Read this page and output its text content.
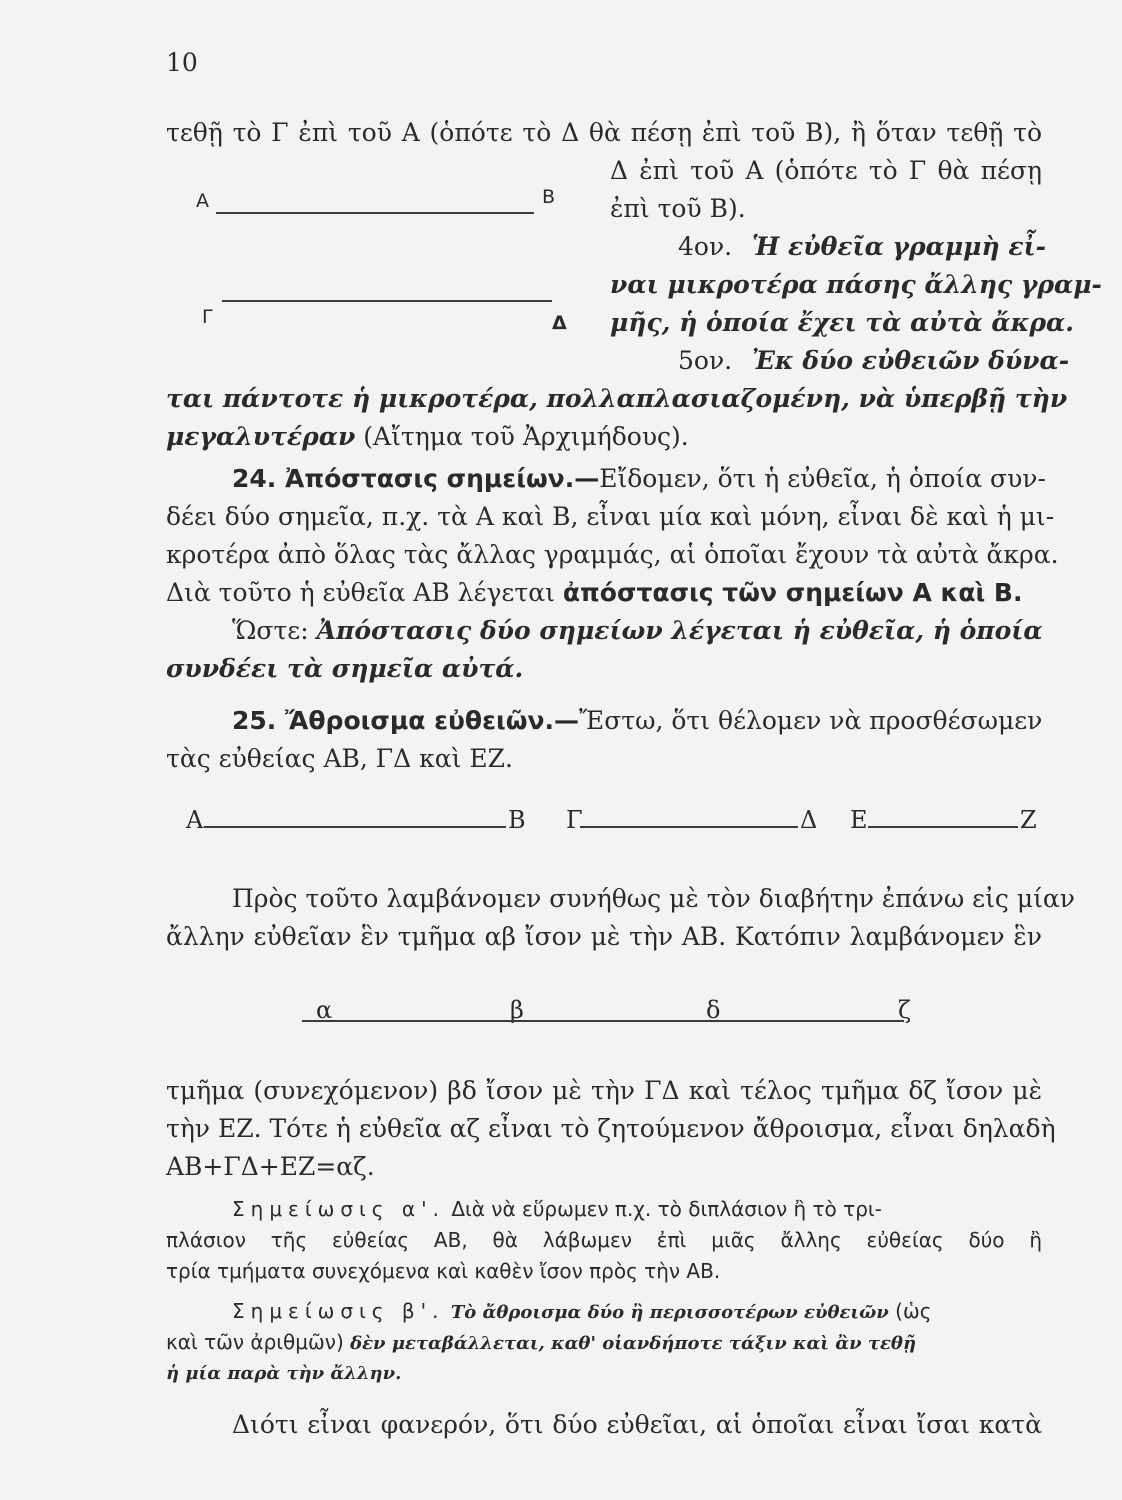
10
τεθῇ τὸ Γ ἐπὶ τοῦ Α (ὁπότε τὸ Δ θὰ πέσῃ ἐπὶ τοῦ Β), ἢ ὅταν τεθῇ τὸ
Δ ἐπὶ τοῦ Α (ὁπότε τὸ Γ θὰ πέσῃ
ἐπὶ τοῦ Β).
A	B
Γ	Δ
4ον. Ἡ εὐθεῖα γραμμὴ εἶ-
ναι μικροτέρα πάσης ἄλλης γραμ-
μῆς, ἡ ὁποία ἔχει τὰ αὐτὰ ἄκρα.
5ον. Ἐκ δύο εὐθειῶν δύνα-
ται πάντοτε ἡ μικροτέρα, πολλαπλασιαζομένη, νὰ ὑπερβῇ τὴν
μεγαλυτέραν (Αἴτημα τοῦ Ἀρχιμήδους).
24. Ἀπόστασις σημείων.—Εἴδομεν, ὅτι ἡ εὐθεῖα, ἡ ὁποία συν-
δέει δύο σημεῖα, π.χ. τὰ Α καὶ Β, εἶναι μία καὶ μόνη, εἶναι δὲ καὶ ἡ μι-
κροτέρα ἀπὸ ὅλας τὰς ἄλλας γραμμάς, αἱ ὁποῖαι ἔχουν τὰ αὐτὰ ἄκρα.
Διὰ τοῦτο ἡ εὐθεῖα ΑΒ λέγεται ἀπόστασις τῶν σημείων Α καὶ Β.
Ὥστε: Ἀπόστασις δύο σημείων λέγεται ἡ εὐθεῖα, ἡ ὁποία
συνδέει τὰ σημεῖα αὐτά.
25. Ἄθροισμα εὐθειῶν.—Ἔστω, ὅτι θέλομεν νὰ προσθέσωμεν
τὰς εὐθείας ΑΒ, ΓΔ καὶ ΕΖ.
A	B Γ	Δ E	Z
Πρὸς τοῦτο λαμβάνομεν συνήθως μὲ τὸν διαβήτην ἐπάνω εἰς μίαν
ἄλλην εὐθεῖαν ἓν τμῆμα αβ ἴσον μὲ τὴν ΑΒ. Κατόπιν λαμβάνομεν ἓν
α	β	δ	ζ
τμῆμα (συνεχόμενον) βδ ἴσον μὲ τὴν ΓΔ καὶ τέλος τμῆμα δζ ἴσον μὲ
τὴν ΕΖ. Τότε ἡ εὐθεῖα αζ εἶναι τὸ ζητούμενον ἄθροισμα, εἶναι δηλαδὴ
ΑΒ+ΓΔ+ΕΖ=αζ.
Σημείωσις α'. Διὰ νὰ εὕρωμεν π.χ. τὸ διπλάσιον ἢ τὸ τρι-
πλάσιον τῆς εὐθείας ΑΒ, θὰ λάβωμεν ἐπὶ μιᾶς ἄλλης εὐθείας δύο ἢ
τρία τμήματα συνεχόμενα καὶ καθὲν ἴσον πρὸς τὴν ΑΒ.
Σημείωσις β'. Τὸ ἄθροισμα δύο ἢ περισσοτέρων εὐθειῶν (ὡς
καὶ τῶν ἀριθμῶν) δὲν μεταβάλλεται, καθ' οἱανδήποτε τάξιν καὶ ἂν τεθῇ
ἡ μία παρὰ τὴν ἄλλην.
Διότι εἶναι φανερόν, ὅτι δύο εὐθεῖαι, αἱ ὁποῖαι εἶναι ἴσαι κατὰ
